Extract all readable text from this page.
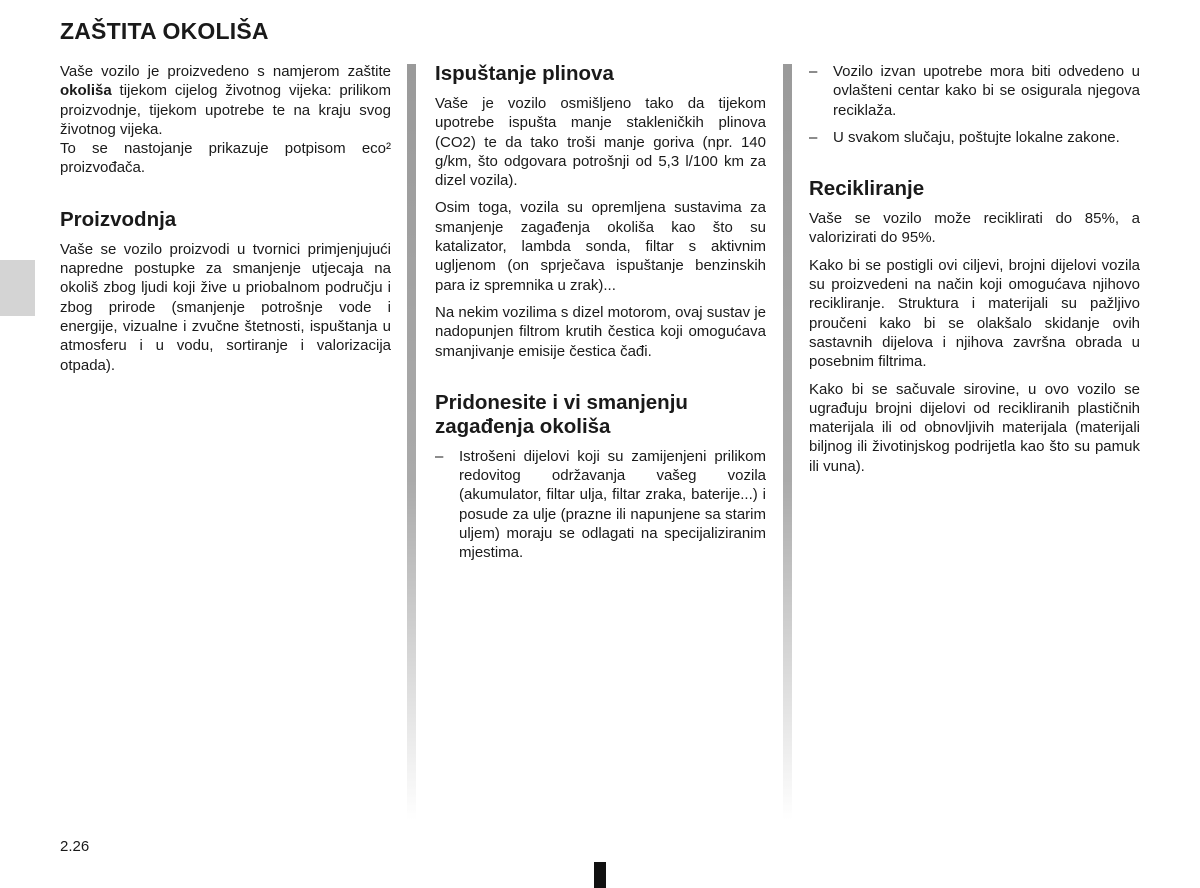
ZAŠTITA OKOLIŠA

Vaše vozilo je proizvedeno s namjerom zaštite okoliša tijekom cijelog životnog vijeka: prilikom proizvodnje, tijekom upotrebe te na kraju svog životnog vijeka.

To se nastojanje prikazuje potpisom eco² proizvođača.

Proizvodnja

Vaše se vozilo proizvodi u tvornici primjenjujući napredne postupke za smanjenje utjecaja na okoliš zbog ljudi koji žive u priobalnom području i zbog prirode (smanjenje potrošnje vode i energije, vizualne i zvučne štetnosti, ispuštanja u atmosferu i u vodu, sortiranje i valorizacija otpada).

Ispuštanje plinova

Vaše je vozilo osmišljeno tako da tijekom upotrebe ispušta manje stakleničkih plinova (CO2) te da tako troši manje goriva (npr. 140 g/km, što odgovara potrošnji od 5,3 l/100 km za dizel vozila).

Osim toga, vozila su opremljena sustavima za smanjenje zagađenja okoliša kao što su katalizator, lambda sonda, filtar s aktivnim ugljenom (on sprječava ispuštanje benzinskih para iz spremnika u zrak)...

Na nekim vozilima s dizel motorom, ovaj sustav je nadopunjen filtrom krutih čestica koji omogućava smanjivanje emisije čestica čađi.

Pridonesite i vi smanjenju zagađenja okoliša
– Istrošeni dijelovi koji su zamijenjeni prilikom redovitog održavanja vašeg vozila (akumulator, filtar ulja, filtar zraka, baterije...) i posude za ulje (prazne ili napunjene sa starim uljem) moraju se odlagati na specijaliziranim mjestima.
– Vozilo izvan upotrebe mora biti odvedeno u ovlašteni centar kako bi se osigurala njegova reciklaža.
– U svakom slučaju, poštujte lokalne zakone.
Recikliranje

Vaše se vozilo može reciklirati do 85%, a valorizirati do 95%.

Kako bi se postigli ovi ciljevi, brojni dijelovi vozila su proizvedeni na način koji omogućava njihovo recikliranje. Struktura i materijali su pažljivo proučeni kako bi se olakšalo skidanje ovih sastavnih dijelova i njihova završna obrada u posebnim filtrima.

Kako bi se sačuvale sirovine, u ovo vozilo se ugrađuju brojni dijelovi od recikliranih plastičnih materijala ili od obnovljivih materijala (materijali biljnog ili životinjskog podrijetla kao što su pamuk ili vuna).

2.26
